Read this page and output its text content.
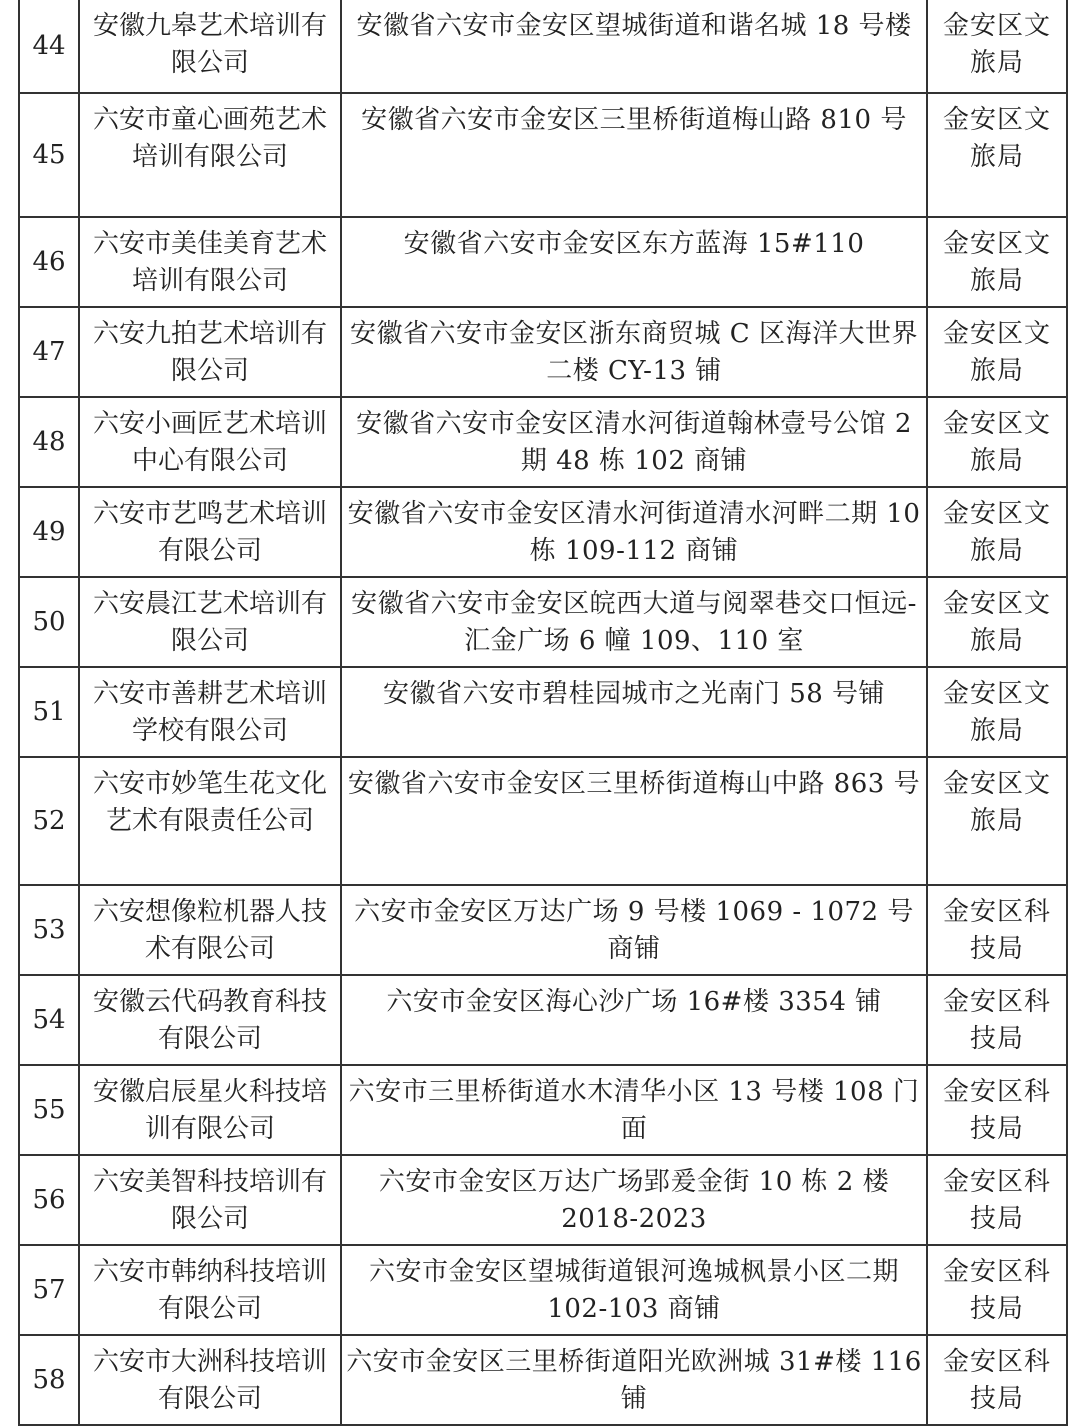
44	安徽九皋艺术培训有限公司	安徽省六安市金安区望城街道和谐名城 18 号楼	金安区文旅局
45	六安市童心画苑艺术培训有限公司	安徽省六安市金安区三里桥街道梅山路 810 号	金安区文旅局
46	六安市美佳美育艺术培训有限公司	安徽省六安市金安区东方蓝海 15#110	金安区文旅局
47	六安九拍艺术培训有限公司	安徽省六安市金安区浙东商贸城 C 区海洋大世界二楼 CY-13 铺	金安区文旅局
48	六安小画匠艺术培训中心有限公司	安徽省六安市金安区清水河街道翰林壹号公馆 2 期 48 栋 102 商铺	金安区文旅局
49	六安市艺鸣艺术培训有限公司	安徽省六安市金安区清水河街道清水河畔二期 10 栋 109-112 商铺	金安区文旅局
50	六安晨江艺术培训有限公司	安徽省六安市金安区皖西大道与阅翠巷交口恒远-汇金广场 6 幢 109、110 室	金安区文旅局
51	六安市善耕艺术培训学校有限公司	安徽省六安市碧桂园城市之光南门 58 号铺	金安区文旅局
52	六安市妙笔生花文化艺术有限责任公司	安徽省六安市金安区三里桥街道梅山中路 863 号	金安区文旅局
53	六安想像粒机器人技术有限公司	六安市金安区万达广场 9 号楼 1069 - 1072 号商铺	金安区科技局
54	安徽云代码教育科技有限公司	六安市金安区海心沙广场 16#楼 3354 铺	金安区科技局
55	安徽启辰星火科技培训有限公司	六安市三里桥街道水木清华小区 13 号楼 108 门面	金安区科技局
56	六安美智科技培训有限公司	六安市金安区万达广场郢爰金街 10 栋 2 楼 2018-2023	金安区科技局
57	六安市韩纳科技培训有限公司	六安市金安区望城街道银河逸城枫景小区二期 102-103 商铺	金安区科技局
58	六安市大洲科技培训有限公司	六安市金安区三里桥街道阳光欧洲城 31#楼 116 铺	金安区科技局
